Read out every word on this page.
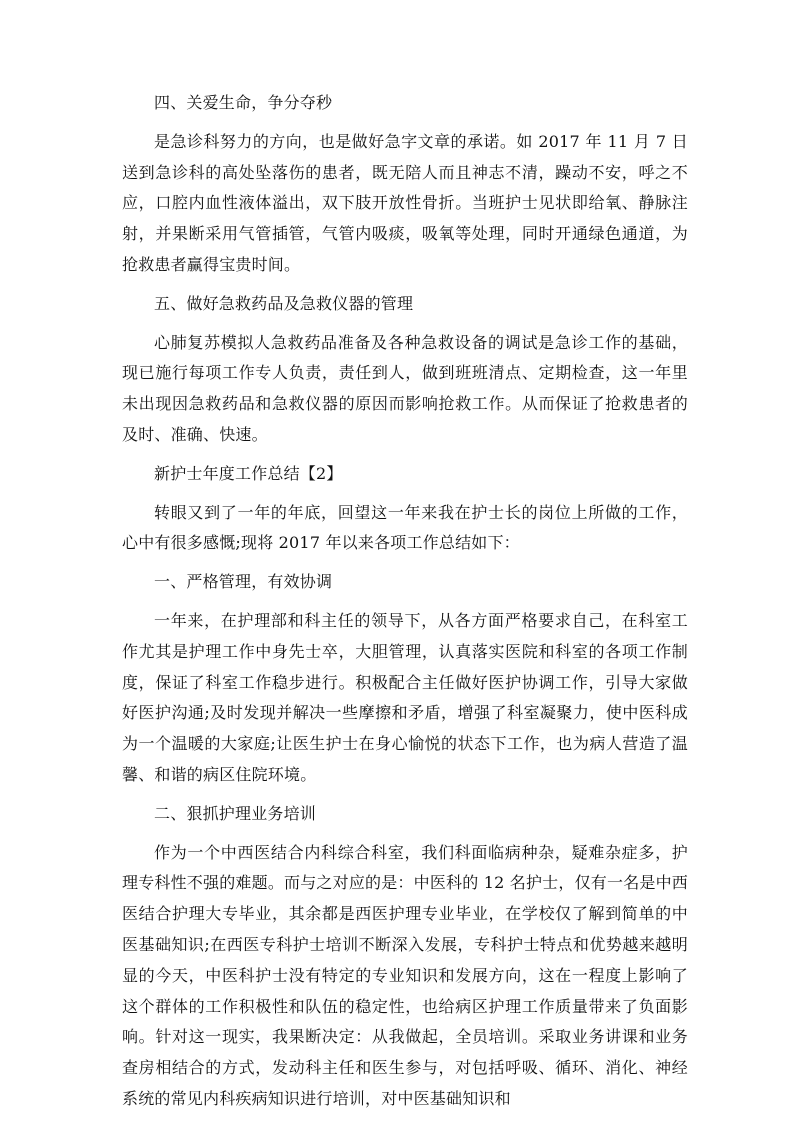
四、关爱生命，争分夺秒

是急诊科努力的方向，也是做好急字文章的承诺。如 2017 年 11 月 7 日送到急诊科的高处坠落伤的患者，既无陪人而且神志不清，躁动不安，呼之不应，口腔内血性液体溢出，双下肢开放性骨折。当班护士见状即给氧、静脉注射，并果断采用气管插管，气管内吸痰，吸氧等处理，同时开通绿色通道，为抢救患者赢得宝贵时间。

五、做好急救药品及急救仪器的管理

心肺复苏模拟人急救药品准备及各种急救设备的调试是急诊工作的基础，现已施行每项工作专人负责，责任到人，做到班班清点、定期检查，这一年里未出现因急救药品和急救仪器的原因而影响抢救工作。从而保证了抢救患者的及时、准确、快速。

新护士年度工作总结【2】

转眼又到了一年的年底，回望这一年来我在护士长的岗位上所做的工作，心中有很多感慨;现将 2017 年以来各项工作总结如下：

一、严格管理，有效协调

一年来，在护理部和科主任的领导下，从各方面严格要求自己，在科室工作尤其是护理工作中身先士卒，大胆管理，认真落实医院和科室的各项工作制度，保证了科室工作稳步进行。积极配合主任做好医护协调工作，引导大家做好医护沟通;及时发现并解决一些摩擦和矛盾，增强了科室凝聚力，使中医科成为一个温暖的大家庭;让医生护士在身心愉悦的状态下工作，也为病人营造了温馨、和谐的病区住院环境。

二、狠抓护理业务培训

作为一个中西医结合内科综合科室，我们科面临病种杂，疑难杂症多，护理专科性不强的难题。而与之对应的是：中医科的 12 名护士，仅有一名是中西医结合护理大专毕业，其余都是西医护理专业毕业，在学校仅了解到简单的中医基础知识;在西医专科护士培训不断深入发展，专科护士特点和优势越来越明显的今天，中医科护士没有特定的专业知识和发展方向，这在一程度上影响了这个群体的工作积极性和队伍的稳定性，也给病区护理工作质量带来了负面影响。针对这一现实，我果断决定：从我做起，全员培训。采取业务讲课和业务查房相结合的方式，发动科主任和医生参与，对包括呼吸、循环、消化、神经系统的常见内科疾病知识进行培训，对中医基础知识和
